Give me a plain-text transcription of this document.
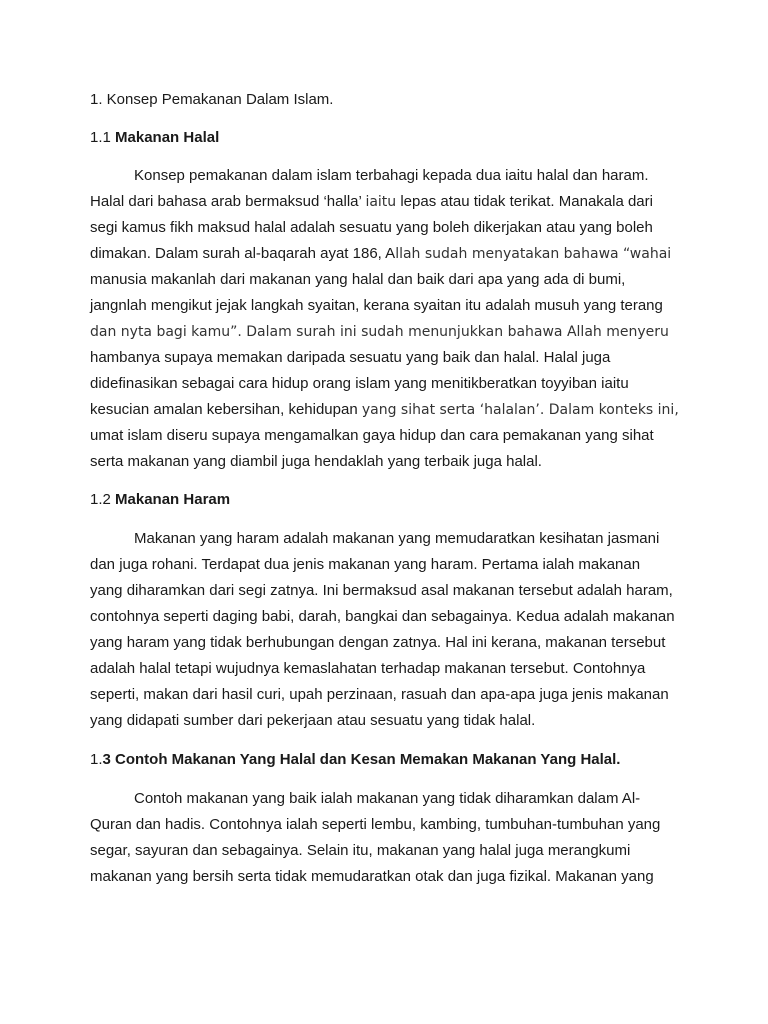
1. Konsep Pemakanan Dalam Islam.
1.1 Makanan Halal
Konsep pemakanan dalam islam terbahagi kepada dua iaitu halal dan haram.
Halal dari bahasa arab bermaksud ‘halla’ iaitu lepas atau tidak terikat. Manakala dari
segi kamus fikh maksud halal adalah sesuatu yang boleh dikerjakan atau yang boleh
dimakan. Dalam surah al-baqarah ayat 186, Allah sudah menyatakan bahawa “wahai
manusia makanlah dari makanan yang halal dan baik dari apa yang ada di bumi,
jangnlah mengikut jejak langkah syaitan, kerana syaitan itu adalah musuh yang terang
dan nyta bagi kamu”. Dalam surah ini sudah menunjukkan bahawa Allah menyeru
hambanya supaya memakan daripada sesuatu yang baik dan halal. Halal juga
didefinasikan sebagai cara hidup orang islam yang menitikberatkan toyyiban iaitu
kesucian amalan kebersihan, kehidupan yang sihat serta ‘halalan’. Dalam konteks ini,
umat islam diseru supaya mengamalkan gaya hidup dan cara pemakanan yang sihat
serta makanan yang diambil juga hendaklah yang terbaik juga halal.
1.2 Makanan Haram
Makanan yang haram adalah makanan yang memudaratkan kesihatan jasmani
dan juga rohani. Terdapat dua jenis makanan yang haram. Pertama ialah makanan
yang diharamkan dari segi zatnya. Ini bermaksud asal makanan tersebut adalah haram,
contohnya seperti daging babi, darah, bangkai dan sebagainya. Kedua adalah makanan
yang haram yang tidak berhubungan dengan zatnya. Hal ini kerana, makanan tersebut
adalah halal tetapi wujudnya kemaslahatan terhadap makanan tersebut. Contohnya
seperti, makan dari hasil curi, upah perzinaan, rasuah dan apa-apa juga jenis makanan
yang didapati sumber dari pekerjaan atau sesuatu yang tidak halal.
1.3 Contoh Makanan Yang Halal dan Kesan Memakan Makanan Yang Halal.
Contoh makanan yang baik ialah makanan yang tidak diharamkan dalam Al-
Quran dan hadis. Contohnya ialah seperti lembu, kambing, tumbuhan-tumbuhan yang
segar, sayuran dan sebagainya. Selain itu, makanan yang halal juga merangkumi
makanan yang bersih serta tidak memudaratkan otak dan juga fizikal. Makanan yang
